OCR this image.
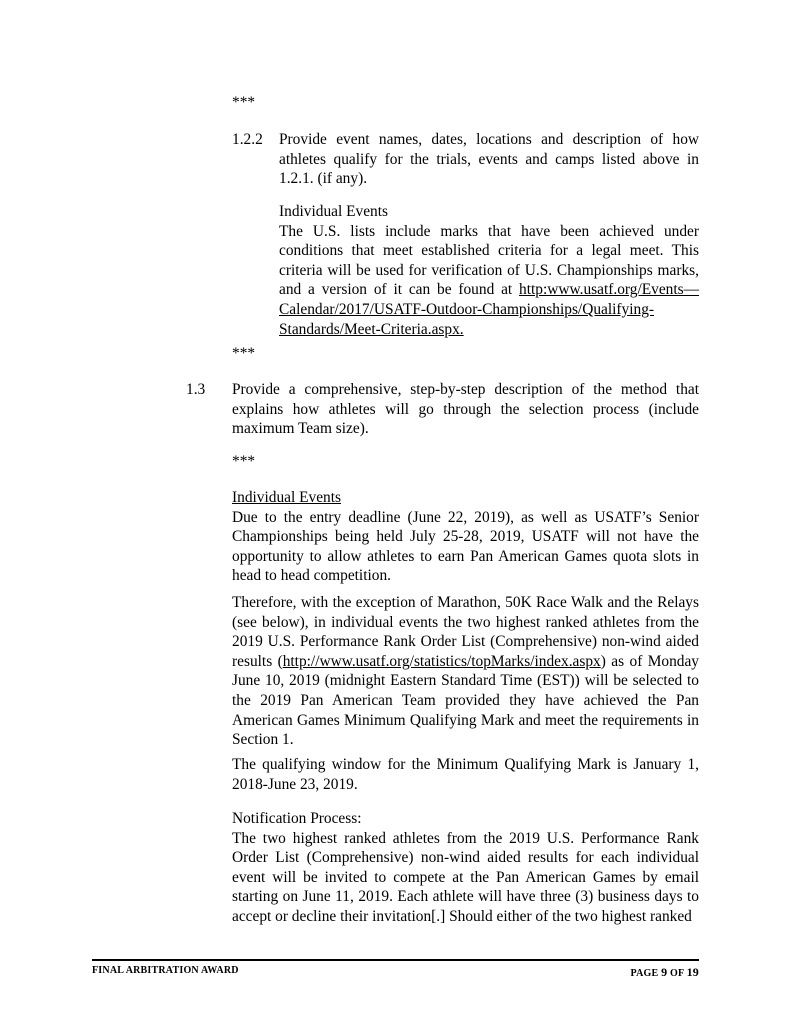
***
1.2.2 Provide event names, dates, locations and description of how athletes qualify for the trials, events and camps listed above in 1.2.1. (if any).

Individual Events
The U.S. lists include marks that have been achieved under conditions that meet established criteria for a legal meet. This criteria will be used for verification of U.S. Championships marks, and a version of it can be found at http:www.usatf.org/Events—Calendar/2017/USATF-Outdoor-Championships/Qualifying-Standards/Meet-Criteria.aspx.
***
1.3 Provide a comprehensive, step-by-step description of the method that explains how athletes will go through the selection process (include maximum Team size).

***
Individual Events
Due to the entry deadline (June 22, 2019), as well as USATF’s Senior Championships being held July 25-28, 2019, USATF will not have the opportunity to allow athletes to earn Pan American Games quota slots in head to head competition.
Therefore, with the exception of Marathon, 50K Race Walk and the Relays (see below), in individual events the two highest ranked athletes from the 2019 U.S. Performance Rank Order List (Comprehensive) non-wind aided results (http://www.usatf.org/statistics/topMarks/index.aspx) as of Monday June 10, 2019 (midnight Eastern Standard Time (EST)) will be selected to the 2019 Pan American Team provided they have achieved the Pan American Games Minimum Qualifying Mark and meet the requirements in Section 1.

The qualifying window for the Minimum Qualifying Mark is January 1, 2018-June 23, 2019.

Notification Process:
The two highest ranked athletes from the 2019 U.S. Performance Rank Order List (Comprehensive) non-wind aided results for each individual event will be invited to compete at the Pan American Games by email starting on June 11, 2019. Each athlete will have three (3) business days to accept or decline their invitation[.] Should either of the two highest ranked
FINAL ARBITRATION AWARD	PAGE 9 OF 19
